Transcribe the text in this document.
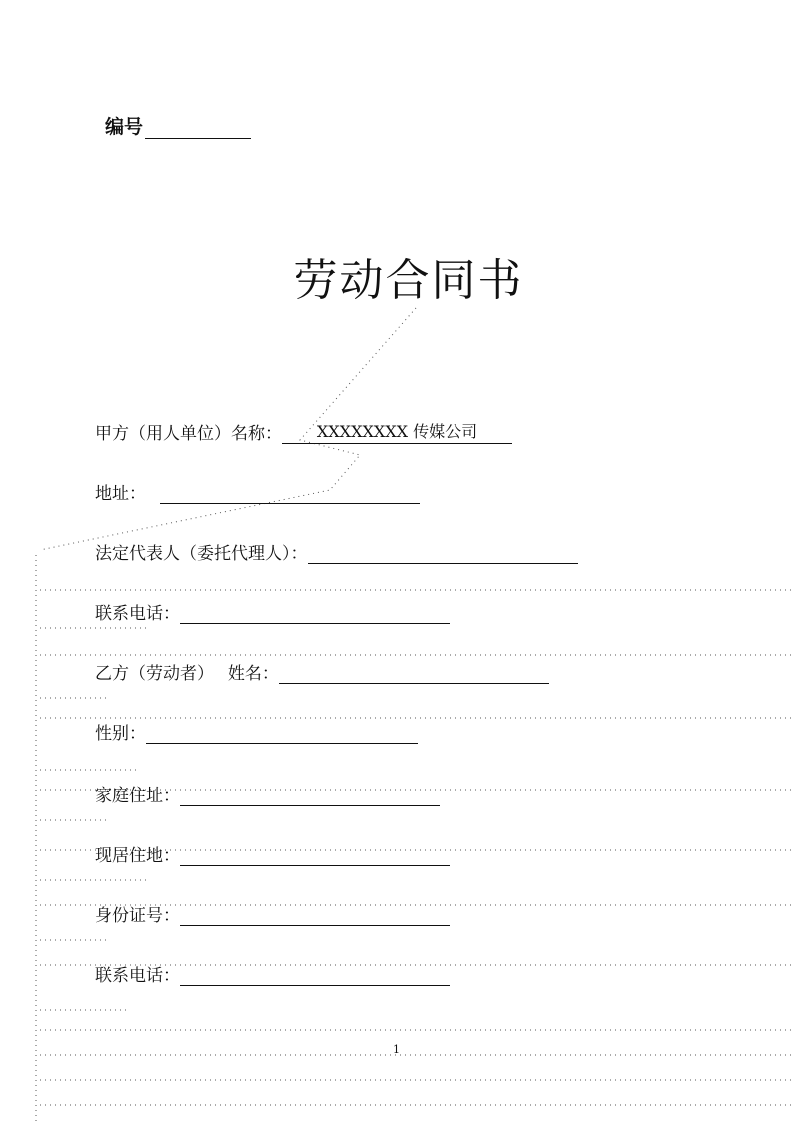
编号
劳动合同书
甲方（用人单位）名称：	XXXXXXXX 传媒公司
地址：
法定代表人（委托代理人）：
联系电话：
乙方（劳动者）　 姓名：
性别：
家庭住址：
现居住地：
身份证号：
联系电话：
1
